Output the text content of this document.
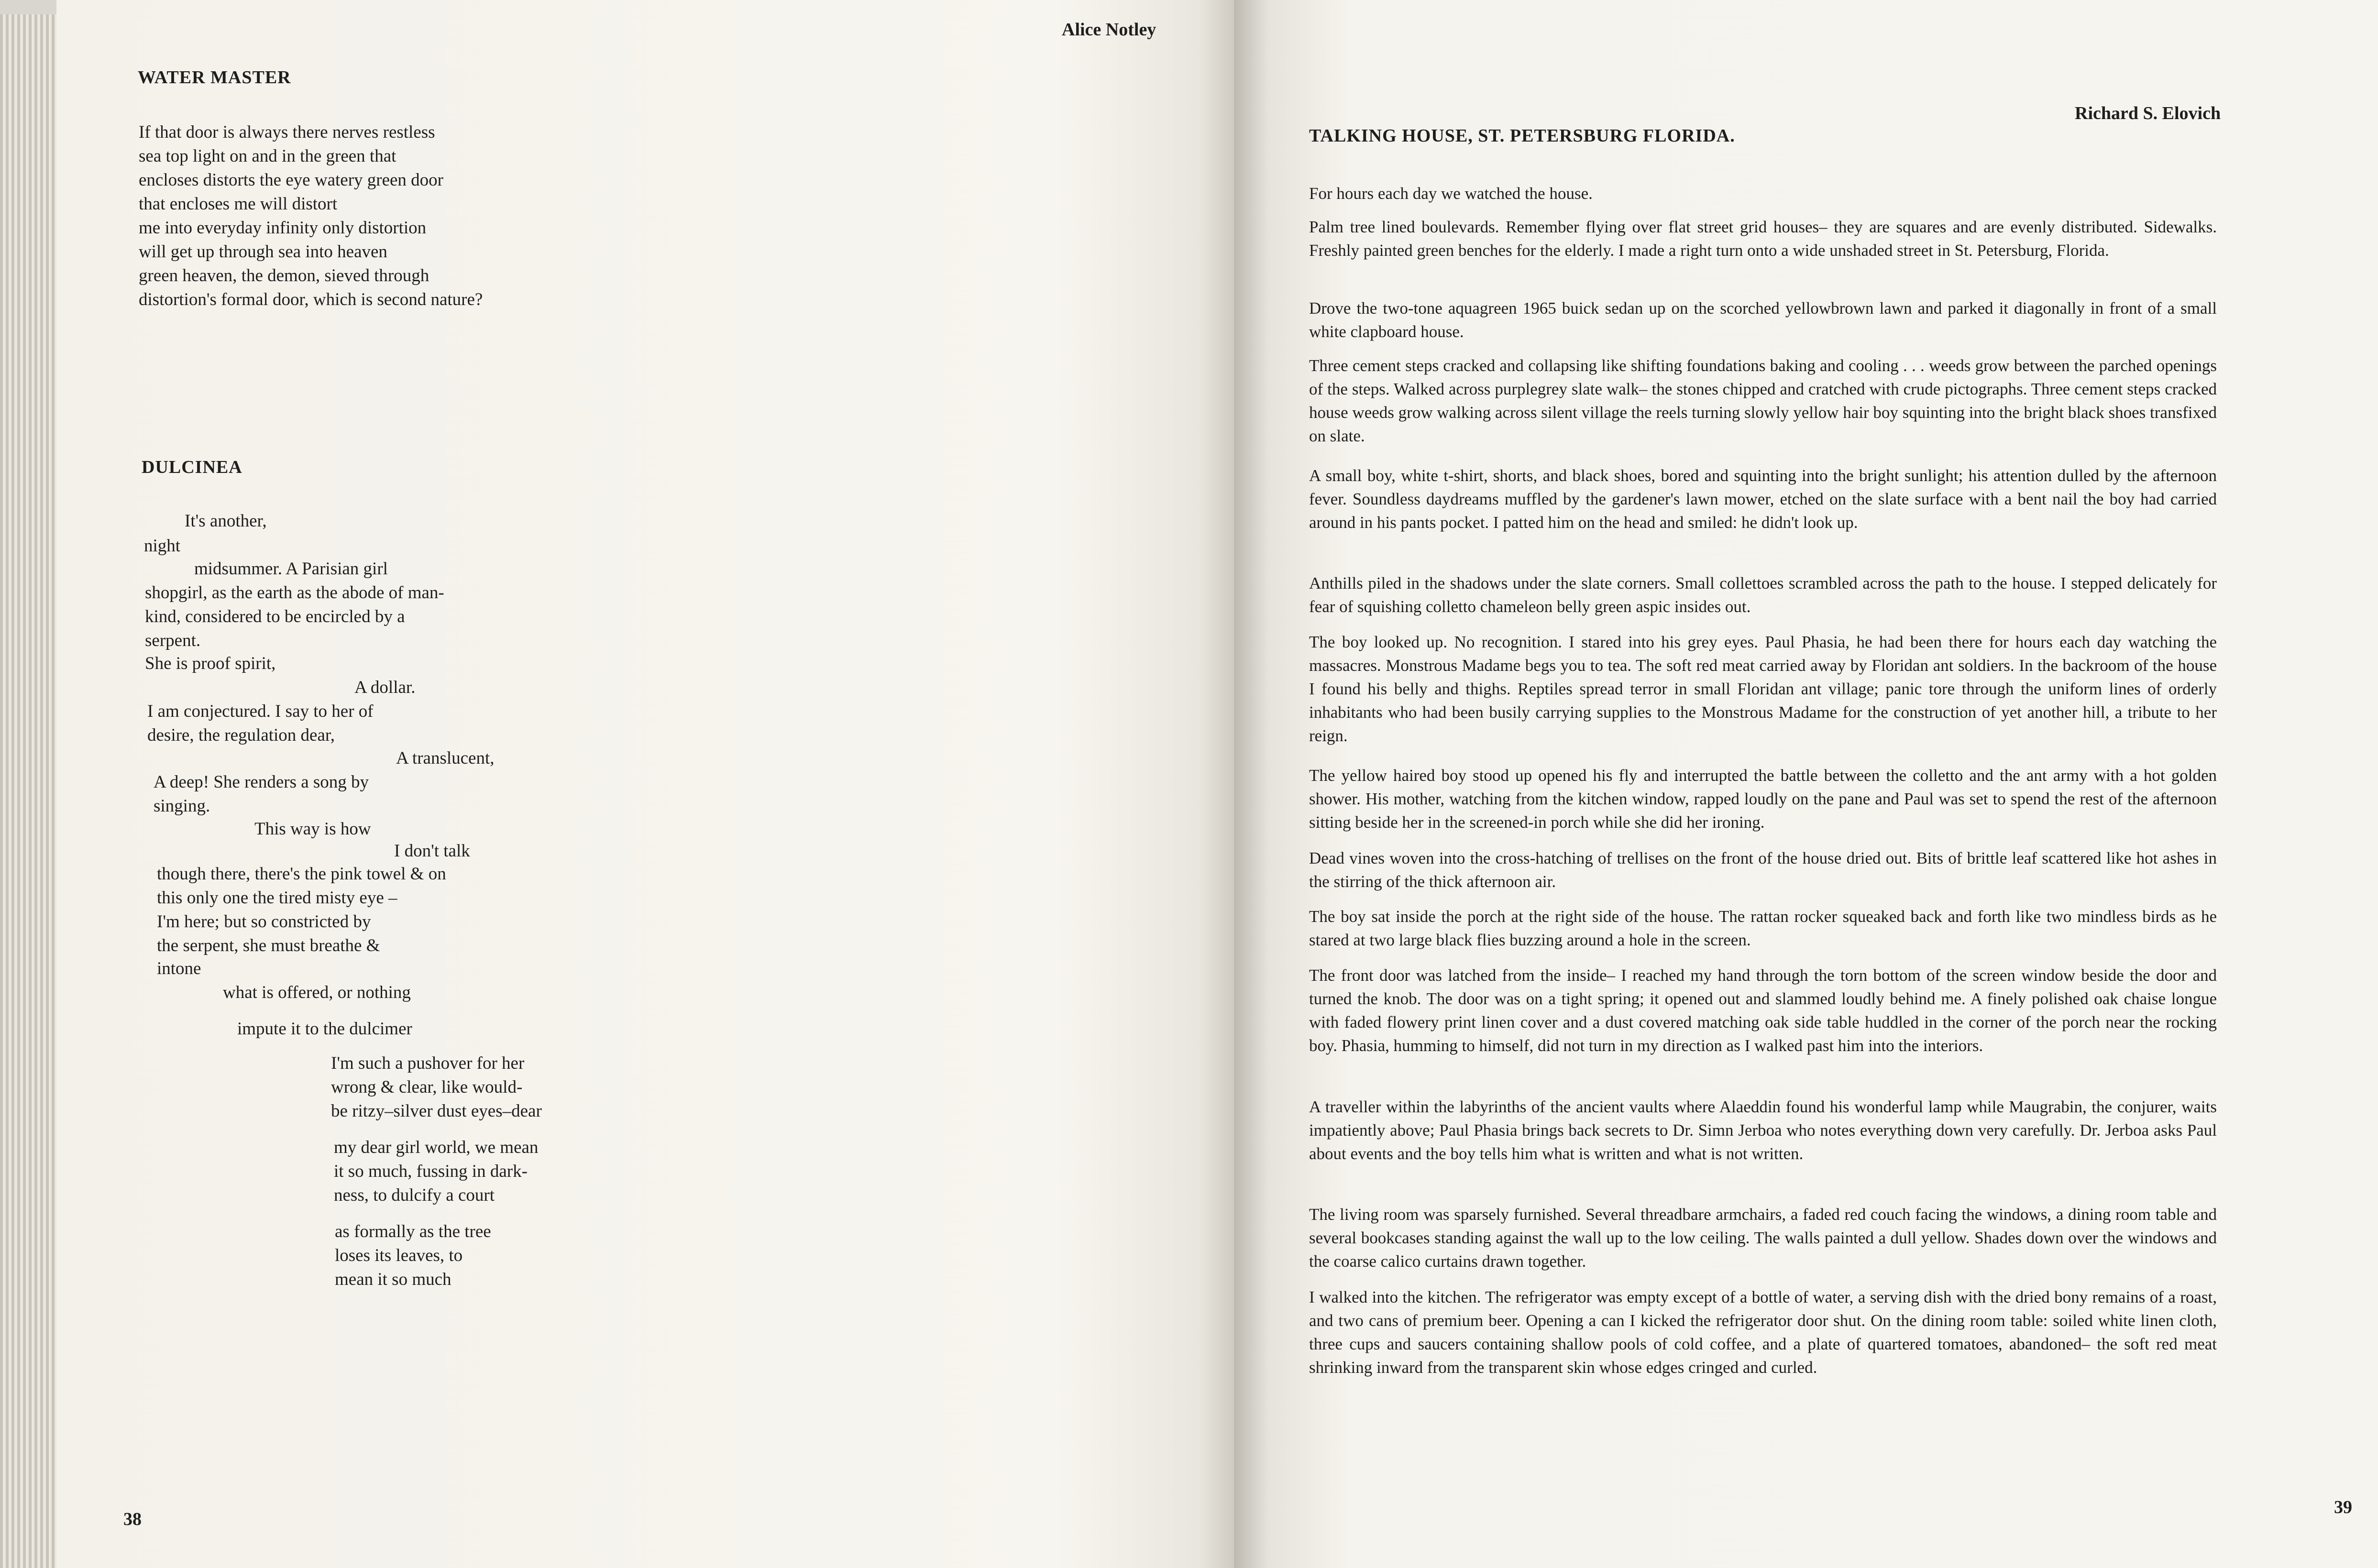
Alice Notley
WATER MASTER
If that door is always there nerves restless
sea top light on and in the green that
encloses distorts the eye watery green door
that encloses me will distort
me into everyday infinity only distortion
will get up through sea into heaven
green heaven, the demon, sieved through
distortion's formal door, which is second nature?
DULCINEA
It's another,
night
midsummer. A Parisian girl
shopgirl, as the earth as the abode of man-
kind, considered to be encircled by a
serpent.
She is proof spirit,
A dollar.
I am conjectured. I say to her of
desire, the regulation dear,
A translucent,
A deep! She renders a song by
singing.
This way is how
I don't talk
though there, there's the pink towel & on
this only one the tired misty eye –
I'm here; but so constricted by
the serpent, she must breathe &
intone
what is offered, or nothing
impute it to the dulcimer
I'm such a pushover for her
wrong & clear, like would-
be ritzy–silver dust eyes–dear
my dear girl world, we mean
it so much, fussing in dark-
ness, to dulcify a court
as formally as the tree
loses its leaves, to
mean it so much
38
Richard S. Elovich
TALKING HOUSE, ST. PETERSBURG FLORIDA.

For hours each day we watched the house.

Palm tree lined boulevards. Remember flying over flat street grid houses– they are squares and are evenly distributed. Sidewalks. Freshly painted green benches for the elderly. I made a right turn onto a wide unshaded street in St. Petersburg, Florida.

Drove the two-tone aquagreen 1965 buick sedan up on the scorched yellowbrown lawn and parked it diagonally in front of a small white clapboard house.

Three cement steps cracked and collapsing like shifting foundations baking and cooling . . . weeds grow between the parched openings of the steps. Walked across purplegrey slate walk– the stones chipped and cratched with crude pictographs. Three cement steps cracked house weeds grow walking across silent village the reels turning slowly yellow hair boy squinting into the bright black shoes transfixed on slate.

A small boy, white t-shirt, shorts, and black shoes, bored and squinting into the bright sunlight; his attention dulled by the afternoon fever. Soundless daydreams muffled by the gardener's lawn mower, etched on the slate surface with a bent nail the boy had carried around in his pants pocket. I patted him on the head and smiled: he didn't look up.

Anthills piled in the shadows under the slate corners. Small collettoes scrambled across the path to the house. I stepped delicately for fear of squishing colletto chameleon belly green aspic insides out.

The boy looked up. No recognition. I stared into his grey eyes. Paul Phasia, he had been there for hours each day watching the massacres. Monstrous Madame begs you to tea. The soft red meat carried away by Floridan ant soldiers. In the backroom of the house I found his belly and thighs. Reptiles spread terror in small Floridan ant village; panic tore through the uniform lines of orderly inhabitants who had been busily carrying supplies to the Monstrous Madame for the construction of yet another hill, a tribute to her reign.

The yellow haired boy stood up opened his fly and interrupted the battle between the colletto and the ant army with a hot golden shower. His mother, watching from the kitchen window, rapped loudly on the pane and Paul was set to spend the rest of the afternoon sitting beside her in the screened-in porch while she did her ironing.

Dead vines woven into the cross-hatching of trellises on the front of the house dried out. Bits of brittle leaf scattered like hot ashes in the stirring of the thick afternoon air.

The boy sat inside the porch at the right side of the house. The rattan rocker squeaked back and forth like two mindless birds as he stared at two large black flies buzzing around a hole in the screen.

The front door was latched from the inside– I reached my hand through the torn bottom of the screen window beside the door and turned the knob. The door was on a tight spring; it opened out and slammed loudly behind me. A finely polished oak chaise longue with faded flowery print linen cover and a dust covered matching oak side table huddled in the corner of the porch near the rocking boy. Phasia, humming to himself, did not turn in my direction as I walked past him into the interiors.

A traveller within the labyrinths of the ancient vaults where Alaeddin found his wonderful lamp while Maugrabin, the conjurer, waits impatiently above; Paul Phasia brings back secrets to Dr. Simn Jerboa who notes everything down very carefully. Dr. Jerboa asks Paul about events and the boy tells him what is written and what is not written.

The living room was sparsely furnished. Several threadbare armchairs, a faded red couch facing the windows, a dining room table and several bookcases standing against the wall up to the low ceiling. The walls painted a dull yellow. Shades down over the windows and the coarse calico curtains drawn together.

I walked into the kitchen. The refrigerator was empty except of a bottle of water, a serving dish with the dried bony remains of a roast, and two cans of premium beer. Opening a can I kicked the refrigerator door shut. On the dining room table: soiled white linen cloth, three cups and saucers containing shallow pools of cold coffee, and a plate of quartered tomatoes, abandoned– the soft red meat shrinking inward from the transparent skin whose edges cringed and curled.

39
